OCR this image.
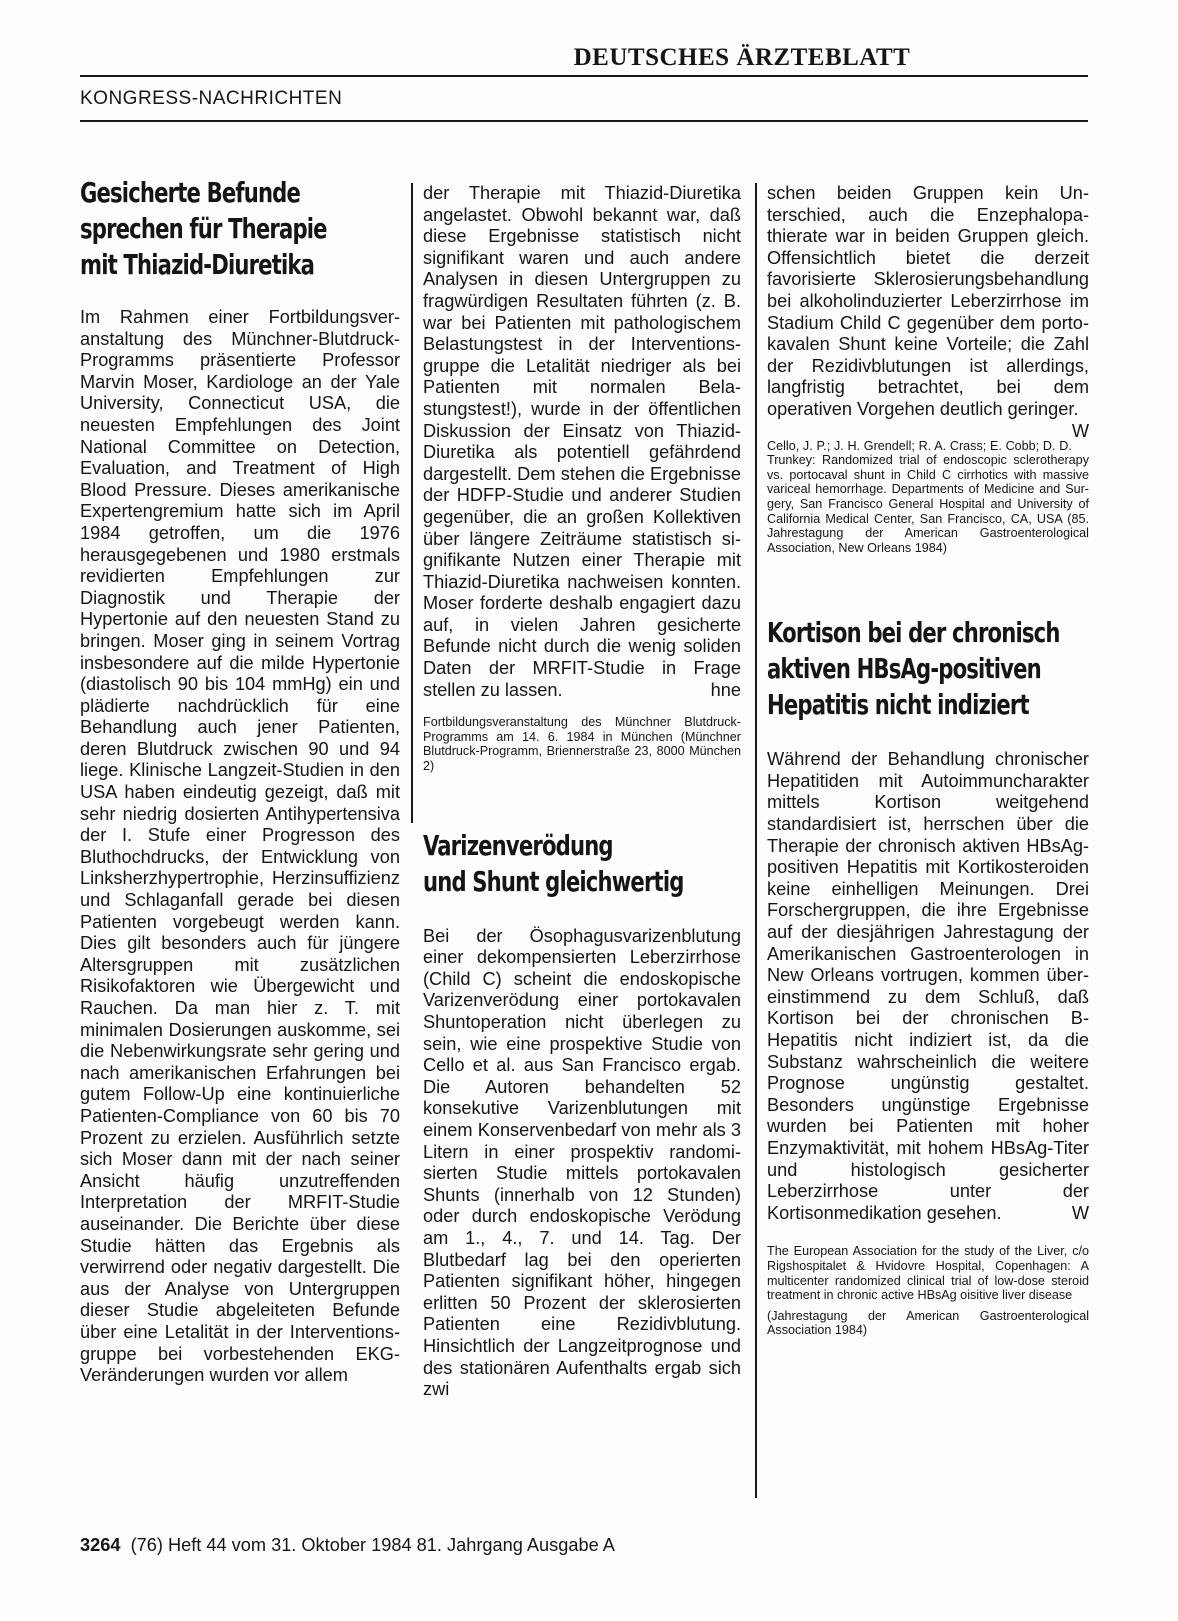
DEUTSCHES ÄRZTEBLATT
KONGRESS-NACHRICHTEN
Gesicherte Befunde
sprechen für Therapie
mit Thiazid-Diuretika

Im Rahmen einer Fortbildungsveranstaltung des Münchner-Blutdruck-Programms präsentierte Professor Marvin Moser, Kardiologe an der Yale University, Connecticut USA, die neuesten Empfehlungen des Joint National Committee on Detection, Evaluation, and Treatment of High Blood Pressure. Dieses amerikanische Expertengremium hatte sich im April 1984 getroffen, um die 1976 herausgegebenen und 1980 erstmals revidierten Empfehlungen zur Diagnostik und Therapie der Hypertonie auf den neuesten Stand zu bringen. Moser ging in seinem Vortrag insbesondere auf die milde Hypertonie (diastolisch 90 bis 104 mmHg) ein und plädierte nachdrücklich für eine Behandlung auch jener Patienten, deren Blutdruck zwischen 90 und 94 liege. Klinische Langzeit-Studien in den USA haben eindeutig gezeigt, daß mit sehr niedrig dosierten Antihypertensiva der I. Stufe einer Progresson des Bluthochdrucks, der Entwicklung von Linksherzhypertrophie, Herzinsuffizienz und Schlaganfall gerade bei diesen Patienten vorgebeugt werden kann. Dies gilt besonders auch für jüngere Altersgruppen mit zusätzlichen Risikofaktoren wie Übergewicht und Rauchen. Da man hier z. T. mit minimalen Dosierungen auskomme, sei die Nebenwirkungsrate sehr gering und nach amerikanischen Erfahrungen bei gutem Follow-Up eine kontinuierliche Patienten-Compliance von 60 bis 70 Prozent zu erzielen. Ausführlich setzte sich Moser dann mit der nach seiner Ansicht häufig unzutreffenden Interpretation der MRFIT-Studie auseinander. Die Berichte über diese Studie hätten das Ergebnis als verwirrend oder negativ dargestellt. Die aus der Analyse von Untergruppen dieser Studie abgeleiteten Befunde über eine Letalität in der Interventionsgruppe bei vorbestehenden EKG-Veränderungen wurden vor allem

der Therapie mit Thiazid-Diuretika angelastet. Obwohl bekannt war, daß diese Ergebnisse statistisch nicht signifikant waren und auch andere Analysen in diesen Untergruppen zu fragwürdigen Resultaten führten (z. B. war bei Patienten mit pathologischem Belastungstest in der Interventionsgruppe die Letalität niedriger als bei Patienten mit normalen Belastungstest!), wurde in der öffentlichen Diskussion der Einsatz von Thiazid-Diuretika als potentiell gefährdend dargestellt. Dem stehen die Ergebnisse der HDFP-Studie und anderer Studien gegenüber, die an großen Kollektiven über längere Zeiträume statistisch signifikante Nutzen einer Therapie mit Thiazid-Diuretika nachweisen konnten. Moser forderte deshalb engagiert dazu auf, in vielen Jahren gesicherte Befunde nicht durch die wenig soliden Daten der MRFIT-Studie in Frage stellen zu lassen.	hne

Fortbildungsveranstaltung des Münchner Blutdruck-Programms am 14. 6. 1984 in München (Münchner Blutdruck-Programm, Briennerstraße 23, 8000 München 2)

Varizenverödung
und Shunt gleichwertig

Bei der Ösophagusvarizenblutung einer dekompensierten Leberzirrhose (Child C) scheint die endoskopische Varizenverödung einer portokavalen Shuntoperation nicht überlegen zu sein, wie eine prospektive Studie von Cello et al. aus San Francisco ergab. Die Autoren behandelten 52 konsekutive Varizenblutungen mit einem Konservenbedarf von mehr als 3 Litern in einer prospektiv randomisierten Studie mittels portokavalen Shunts (innerhalb von 12 Stunden) oder durch endoskopische Verödung am 1., 4., 7. und 14. Tag. Der Blutbedarf lag bei den operierten Patienten signifikant höher, hingegen erlitten 50 Prozent der sklerosierten Patienten eine Rezidivblutung. Hinsichtlich der Langzeitprognose und des stationären Aufenthalts ergab sich zwi

schen beiden Gruppen kein Unterschied, auch die Enzephalopathierate war in beiden Gruppen gleich. Offensichtlich bietet die derzeit favorisierte Sklerosierungsbehandlung bei alkoholinduzierter Leberzirrhose im Stadium Child C gegenüber dem portokavalen Shunt keine Vorteile; die Zahl der Rezidivblutungen ist allerdings, langfristig betrachtet, bei dem operativen Vorgehen deutlich geringer.
W

Cello, J. P.; J. H. Grendell; R. A. Crass; E. Cobb; D. D. Trunkey: Randomized trial of endoscopic sclerotherapy vs. portocaval shunt in Child C cirrhotics with massive variceal hemorrhage. Departments of Medicine and Surgery, San Francisco General Hospital and University of California Medical Center, San Francisco, CA, USA (85. Jahrestagung der American Gastroenterological Association, New Orleans 1984)

Kortison bei der chronisch
aktiven HBsAg-positiven
Hepatitis nicht indiziert

Während der Behandlung chronischer Hepatitiden mit Autoimmuncharakter mittels Kortison weitgehend standardisiert ist, herrschen über die Therapie der chronisch aktiven HBsAg-positiven Hepatitis mit Kortikosteroiden keine einhelligen Meinungen. Drei Forschergruppen, die ihre Ergebnisse auf der diesjährigen Jahrestagung der Amerikanischen Gastroenterologen in New Orleans vortrugen, kommen übereinstimmend zu dem Schluß, daß Kortison bei der chronischen B-Hepatitis nicht indiziert ist, da die Substanz wahrscheinlich die weitere Prognose ungünstig gestaltet. Besonders ungünstige Ergebnisse wurden bei Patienten mit hoher Enzymaktivität, mit hohem HBsAg-Titer und histologisch gesicherter Leberzirrhose unter der Kortisonmedikation gesehen.	W

The European Association for the study of the Liver, c/o Rigshospitalet & Hvidovre Hospital, Copenhagen: A multicenter randomized clinical trial of low-dose steroid treatment in chronic active HBsAg oisitive liver disease

(Jahrestagung der American Gastroenterological Association 1984)

3264 (76) Heft 44 vom 31. Oktober 1984 81. Jahrgang Ausgabe A
